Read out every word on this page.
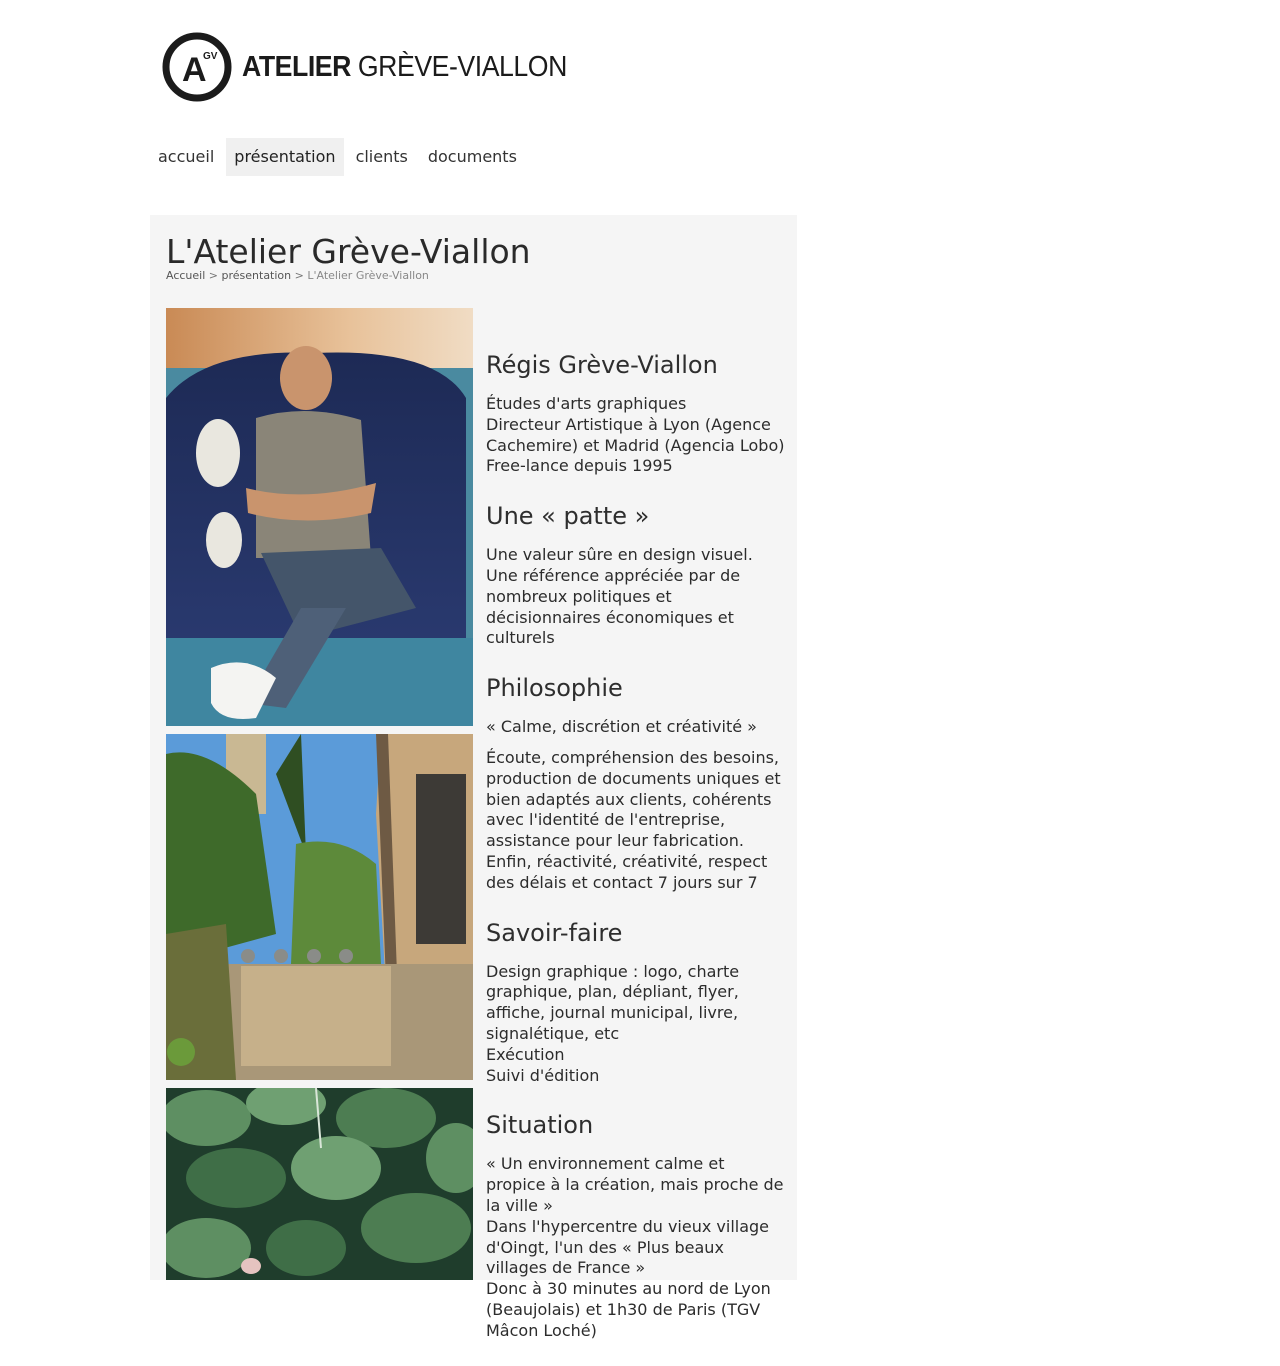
A
GV ATELIER GRÈVE-VIALLON
accueil	présentation	clients	documents
L'Atelier Grève-Viallon
Accueil > présentation > L'Atelier Grève-Viallon
Régis Grève-Viallon

Études d'arts graphiques
Directeur Artistique à Lyon (Agence Cachemire) et Madrid (Agencia Lobo)
Free-lance depuis 1995

Une « patte »

Une valeur sûre en design visuel.
Une référence appréciée par de nombreux politiques et décisionnaires économiques et culturels

Philosophie

« Calme, discrétion et créativité »

Écoute, compréhension des besoins, production de documents uniques et bien adaptés aux clients, cohérents avec l'identité de l'entreprise, assistance pour leur fabrication.
Enfin, réactivité, créativité, respect des délais et contact 7 jours sur 7

Savoir-faire

Design graphique : logo, charte graphique, plan, dépliant, flyer, affiche, journal municipal, livre, signalétique, etc
Exécution
Suivi d'édition

Situation

« Un environnement calme et propice à la création, mais proche de la ville »
Dans l'hypercentre du vieux village d'Oingt, l'un des « Plus beaux villages de France »
Donc à 30 minutes au nord de Lyon (Beaujolais) et 1h30 de Paris (TGV Mâcon Loché)
